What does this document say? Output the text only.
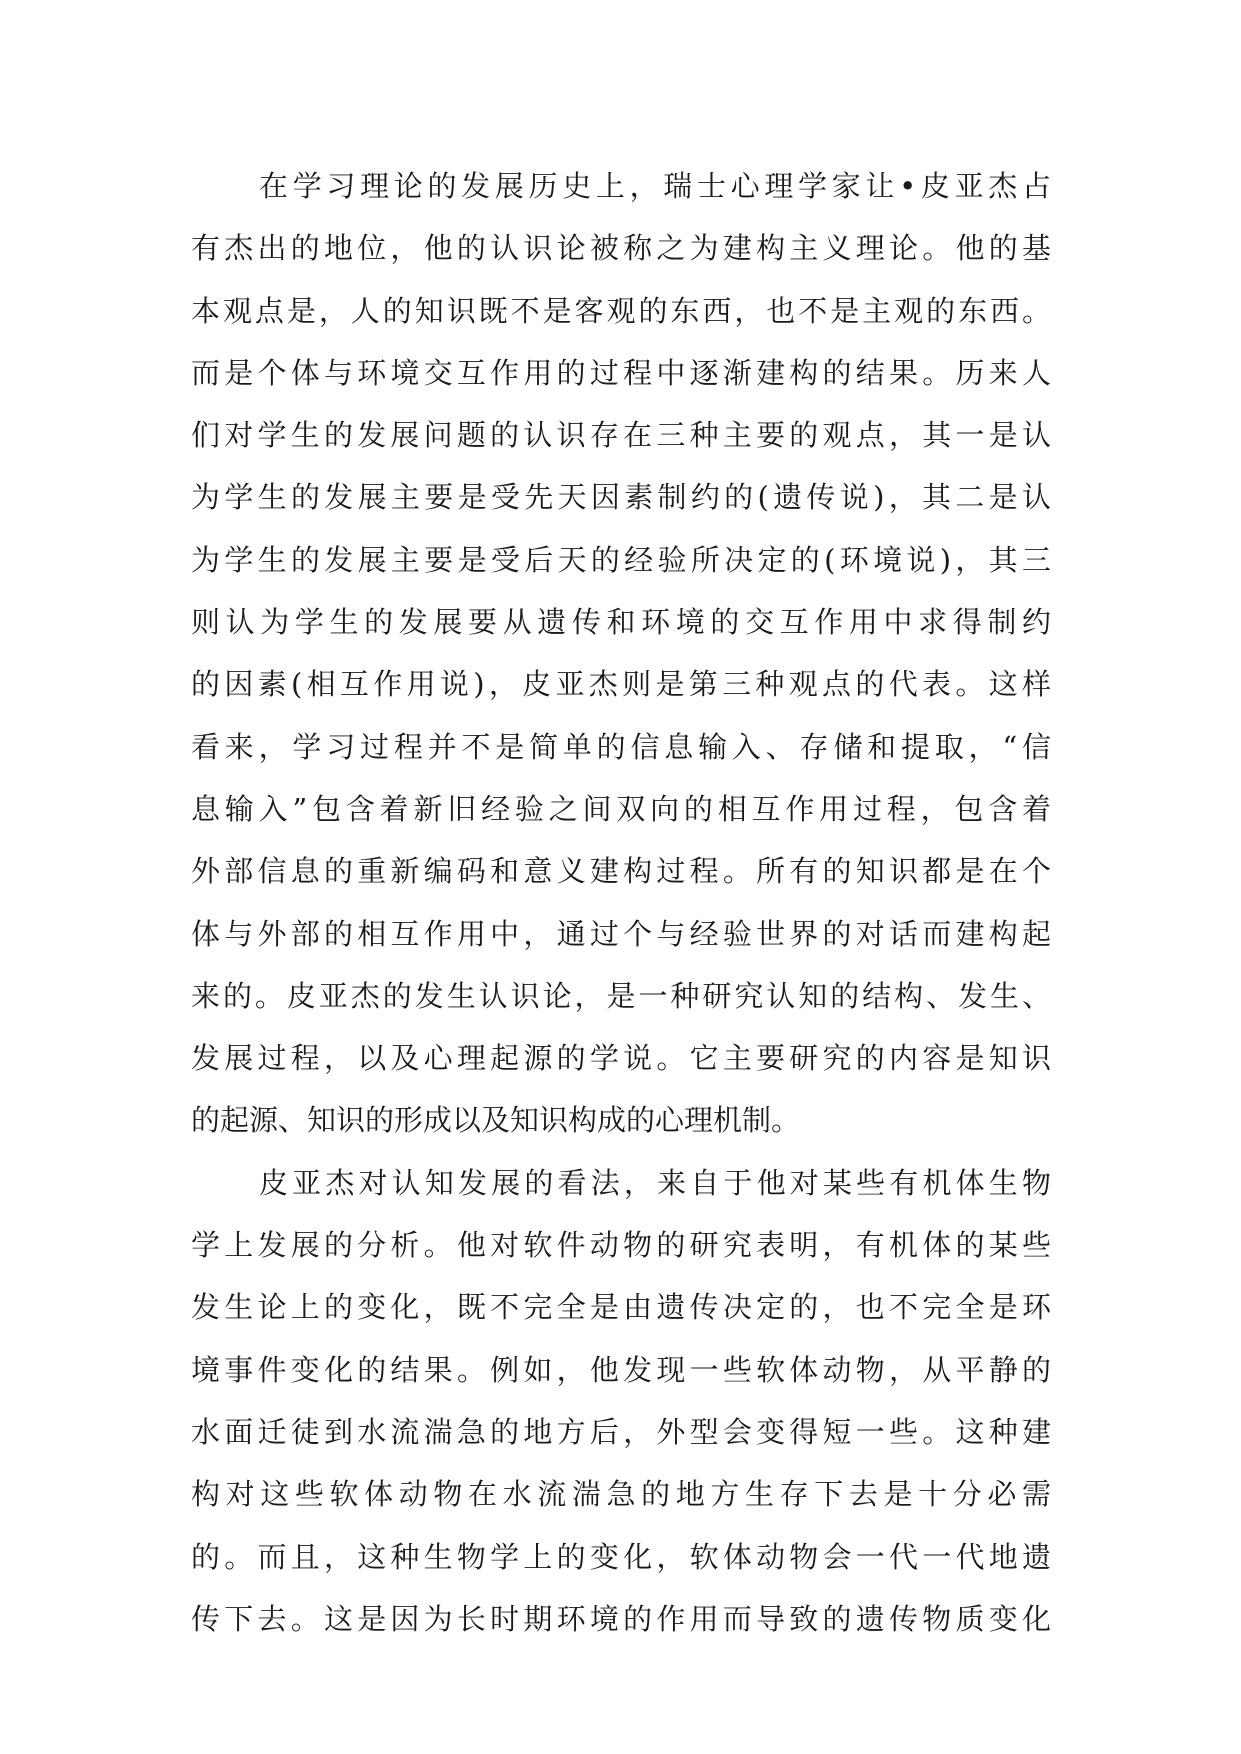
在学习理论的发展历史上，瑞士心理学家让•皮亚杰占
有杰出的地位，他的认识论被称之为建构主义理论。他的基
本观点是，人的知识既不是客观的东西，也不是主观的东西。
而是个体与环境交互作用的过程中逐渐建构的结果。历来人
们对学生的发展问题的认识存在三种主要的观点，其一是认
为学生的发展主要是受先天因素制约的(遗传说)，其二是认
为学生的发展主要是受后天的经验所决定的(环境说)，其三
则认为学生的发展要从遗传和环境的交互作用中求得制约
的因素(相互作用说)，皮亚杰则是第三种观点的代表。这样
看来，学习过程并不是简单的信息输入、存储和提取，“信
息输入”包含着新旧经验之间双向的相互作用过程，包含着
外部信息的重新编码和意义建构过程。所有的知识都是在个
体与外部的相互作用中，通过个与经验世界的对话而建构起
来的。皮亚杰的发生认识论，是一种研究认知的结构、发生、
发展过程，以及心理起源的学说。它主要研究的内容是知识
的起源、知识的形成以及知识构成的心理机制。
皮亚杰对认知发展的看法，来自于他对某些有机体生物
学上发展的分析。他对软件动物的研究表明，有机体的某些
发生论上的变化，既不完全是由遗传决定的，也不完全是环
境事件变化的结果。例如，他发现一些软体动物，从平静的
水面迁徒到水流湍急的地方后，外型会变得短一些。这种建
构对这些软体动物在水流湍急的地方生存下去是十分必需
的。而且，这种生物学上的变化，软体动物会一代一代地遗
传下去。这是因为长时期环境的作用而导致的遗传物质变化
